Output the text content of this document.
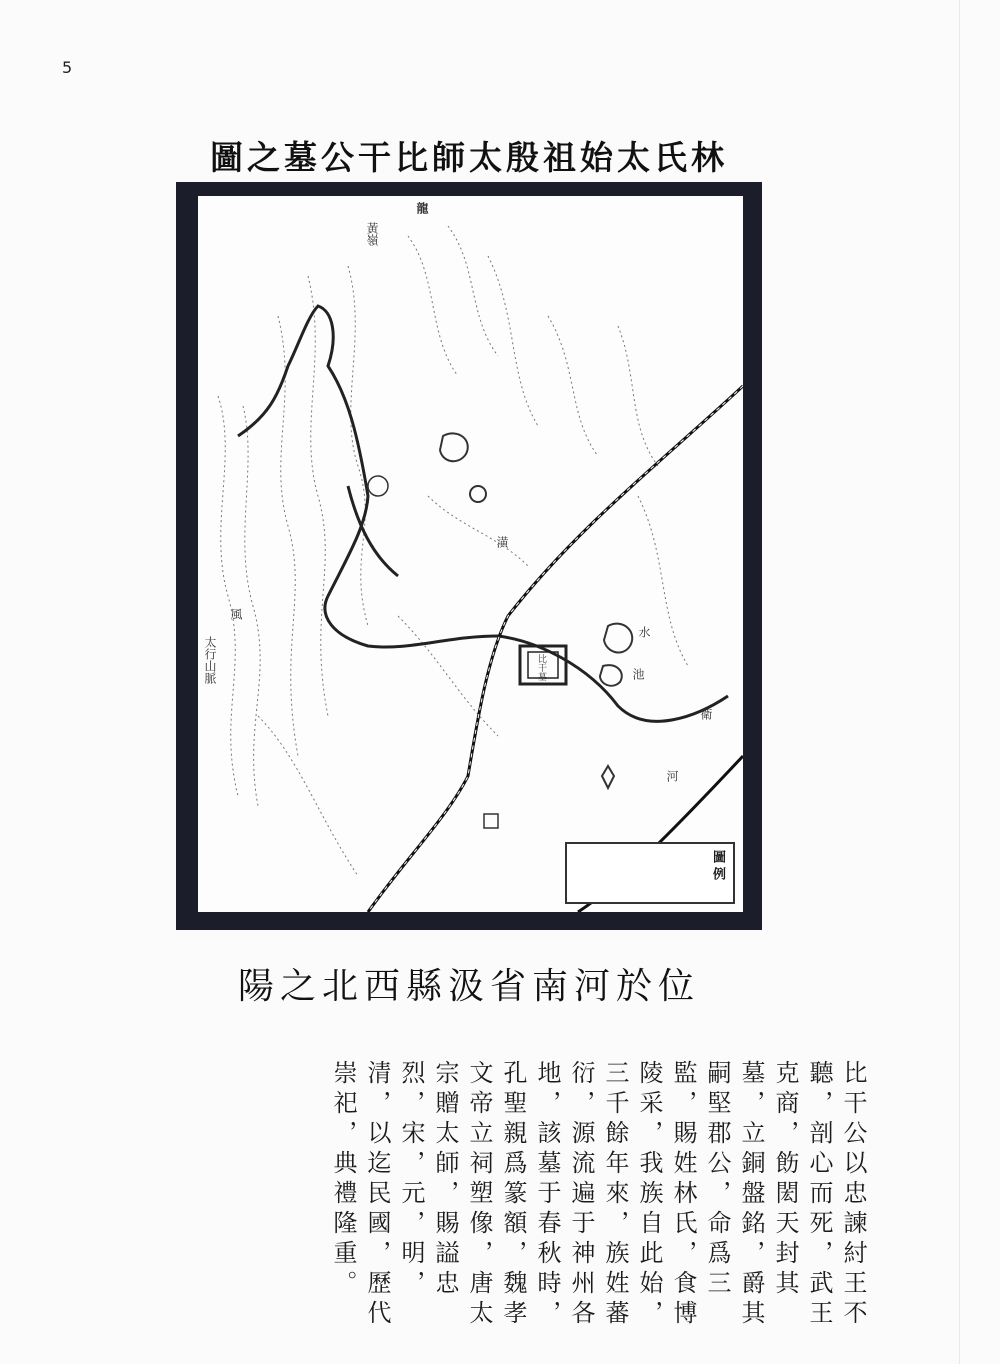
5
圖之墓公干比師太殷祖始太氏林
龍
黃嶺
潢
衛
河
太行山脈
風
水
池
比干墓
圖例
陽之北西縣汲省南河於位

比干公以忠諫紂王不聽，剖心而死，武王克商，飭閎天封其墓，立銅盤銘，爵其嗣堅郡公，命爲三監，賜姓林氏，食博陵采，我族自此始，三千餘年來，族姓蕃衍，源流遍于神州各地，該墓于春秋時，孔聖親爲篆額，魏孝文帝立祠塑像，唐太宗贈太師，賜謚忠烈，宋，元，明，清，以迄民國，歷代崇祀，典禮隆重。
